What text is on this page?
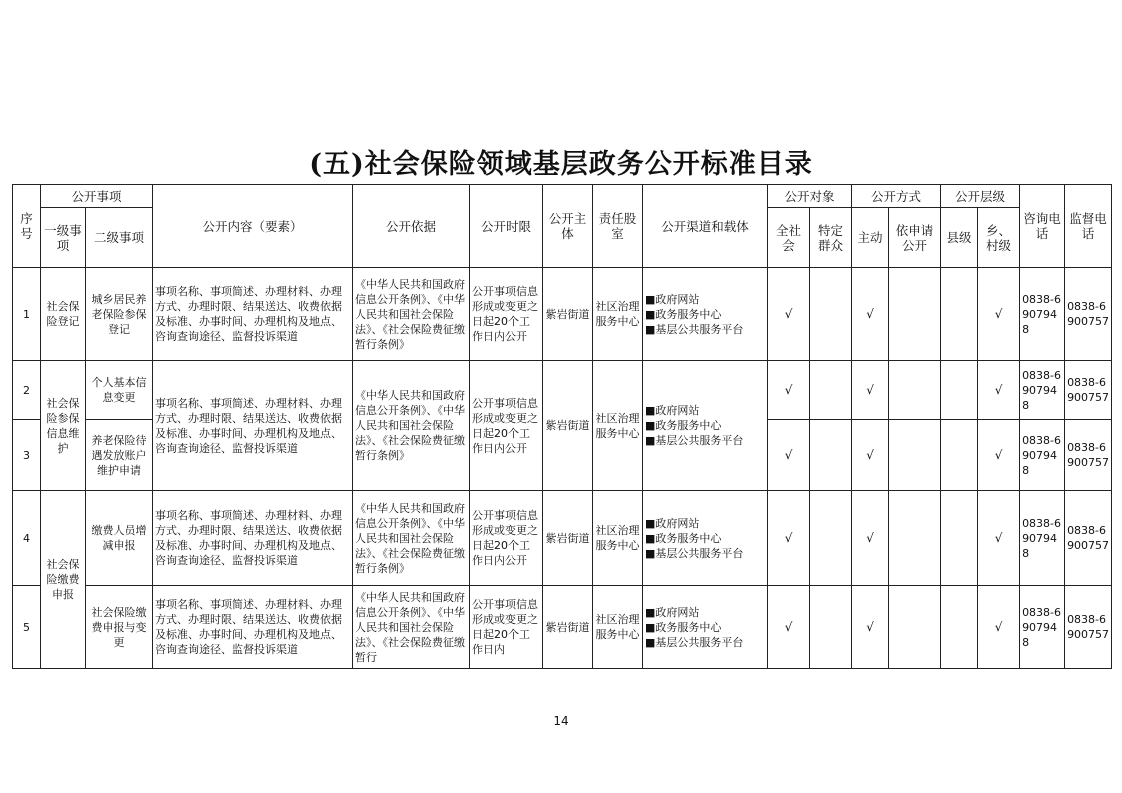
(五)社会保险领域基层政务公开标准目录
序号	公开事项		公开内容（要素）	公开依据	公开时限	公开主体	责任股室	公开渠道和载体	公开对象		公开方式		公开层级		咨询电话	监督电话
	一级事项	二级事项							全社会	特定群众	主动	依申请公开	县级	乡、村级		
1	社会保险登记	城乡居民养老保险参保登记	事项名称、事项简述、办理材料、办理方式、办理时限、结果送达、收费依据及标准、办事时间、办理机构及地点、咨询查询途径、监督投诉渠道	《中华人民共和国政府信息公开条例》、《中华人民共和国社会保险法》、《社会保险费征缴暂行条例》	公开事项信息形成或变更之日起20个工作日内公开	紫岩街道	社区治理服务中心	■政府网站
■政务服务中心
■基层公共服务平台	√		√			√	0838-6907948	0838-6900757
2	社会保险参保信息维护	个人基本信息变更	事项名称、事项简述、办理材料、办理方式、办理时限、结果送达、收费依据及标准、办事时间、办理机构及地点、咨询查询途径、监督投诉渠道	《中华人民共和国政府信息公开条例》、《中华人民共和国社会保险法》、《社会保险费征缴暂行条例》	公开事项信息形成或变更之日起20个工作日内公开	紫岩街道	社区治理服务中心	■政府网站
■政务服务中心
■基层公共服务平台	√		√			√	0838-6907948	0838-6900757
3		养老保险待遇发放账户维护申请							√		√			√	0838-6907948	0838-6900757
4	社会保险缴费申报	缴费人员增减申报	事项名称、事项简述、办理材料、办理方式、办理时限、结果送达、收费依据及标准、办事时间、办理机构及地点、咨询查询途径、监督投诉渠道	《中华人民共和国政府信息公开条例》、《中华人民共和国社会保险法》、《社会保险费征缴暂行条例》	公开事项信息形成或变更之日起20个工作日内公开	紫岩街道	社区治理服务中心	■政府网站
■政务服务中心
■基层公共服务平台	√		√			√	0838-6907948	0838-6900757
5		社会保险缴费申报与变更	事项名称、事项简述、办理材料、办理方式、办理时限、结果送达、收费依据及标准、办事时间、办理机构及地点、咨询查询途径、监督投诉渠道	《中华人民共和国政府信息公开条例》、《中华人民共和国社会保险法》、《社会保险费征缴暂行	公开事项信息形成或变更之日起20个工作日内	紫岩街道	社区治理服务中心	■政府网站
■政务服务中心
■基层公共服务平台	√		√			√	0838-6907948	0838-6900757
14
